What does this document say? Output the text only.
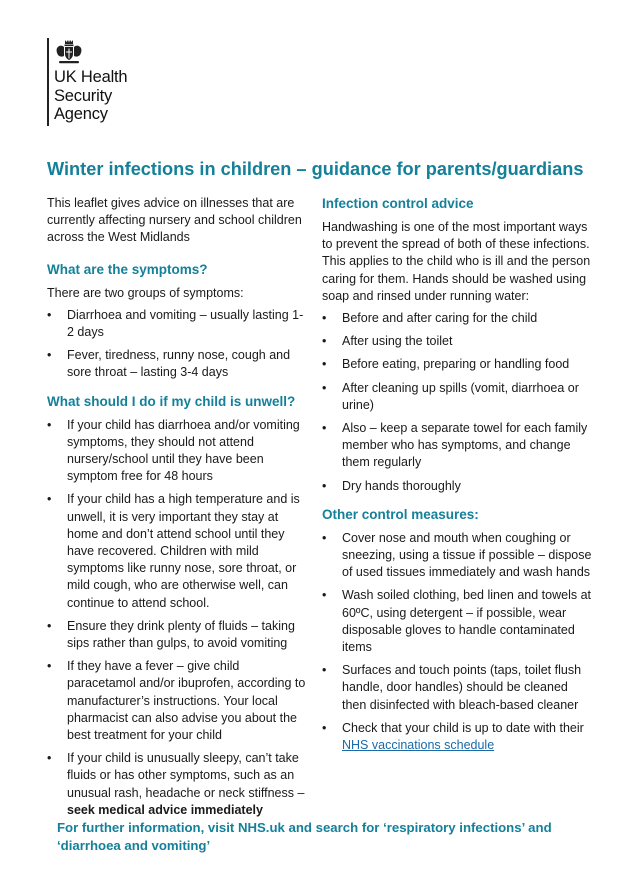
UK Health
Security
Agency
Winter infections in children – guidance for parents/guardians

This leaflet gives advice on illnesses that are currently affecting nursery and school children across the West Midlands

What are the symptoms?

There are two groups of symptoms:

• Diarrhoea and vomiting – usually lasting 1-2 days
• Fever, tiredness, runny nose, cough and sore throat – lasting 3-4 days
What should I do if my child is unwell?
• If your child has diarrhoea and/or vomiting symptoms, they should not attend nursery/school until they have been symptom free for 48 hours
• If your child has a high temperature and is unwell, it is very important they stay at home and don’t attend school until they have recovered. Children with mild symptoms like runny nose, sore throat, or mild cough, who are otherwise well, can continue to attend school.
• Ensure they drink plenty of fluids – taking sips rather than gulps, to avoid vomiting
• If they have a fever – give child paracetamol and/or ibuprofen, according to manufacturer’s instructions. Your local pharmacist can also advise you about the best treatment for your child
• If your child is unusually sleepy, can’t take fluids or has other symptoms, such as an unusual rash, headache or neck stiffness – seek medical advice immediately
Infection control advice

Handwashing is one of the most important ways to prevent the spread of both of these infections. This applies to the child who is ill and the person caring for them. Hands should be washed using soap and rinsed under running water:

• Before and after caring for the child
• After using the toilet
• Before eating, preparing or handling food
• After cleaning up spills (vomit, diarrhoea or urine)
• Also – keep a separate towel for each family member who has symptoms, and change them regularly
• Dry hands thoroughly
Other control measures:
• Cover nose and mouth when coughing or sneezing, using a tissue if possible – dispose of used tissues immediately and wash hands
• Wash soiled clothing, bed linen and towels at 60ºC, using detergent – if possible, wear disposable gloves to handle contaminated items
• Surfaces and touch points (taps, toilet flush handle, door handles) should be cleaned then disinfected with bleach-based cleaner
• Check that your child is up to date with their NHS vaccinations schedule
For further information, visit NHS.uk and search for ‘respiratory infections’ and ‘diarrhoea and vomiting’
